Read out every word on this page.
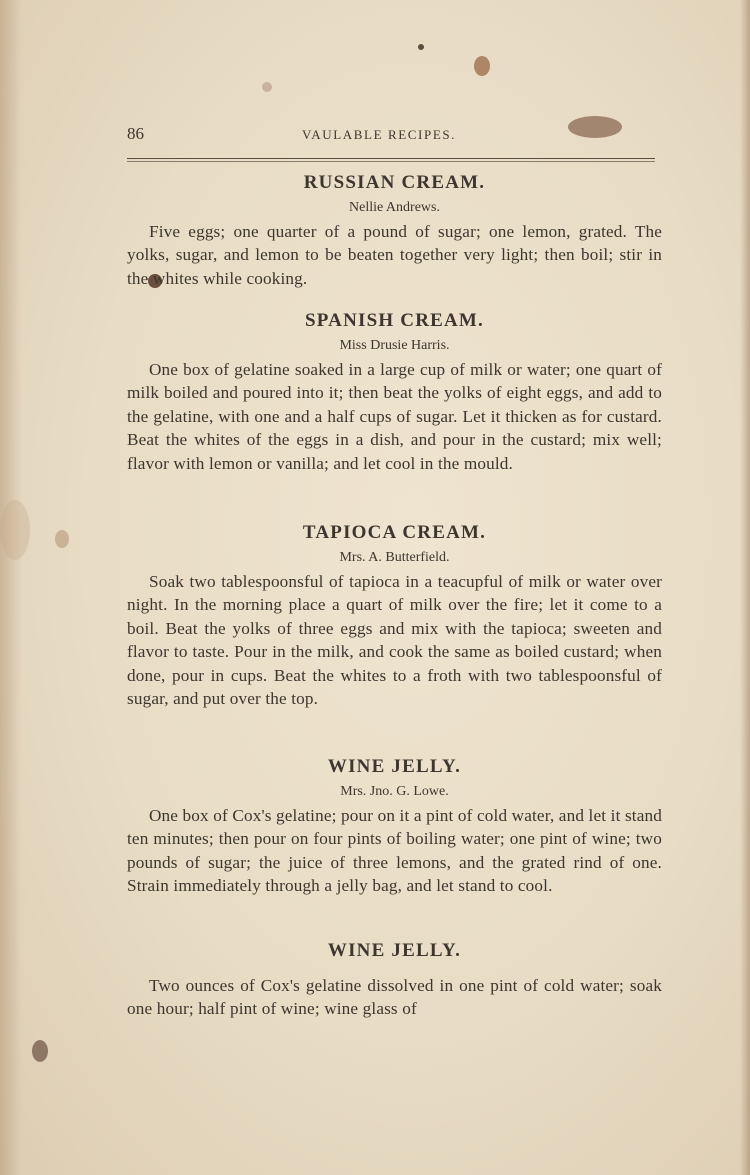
86	VAULABLE RECIPES.
RUSSIAN CREAM.

Nellie Andrews.

Five eggs; one quarter of a pound of sugar; one lemon, grated. The yolks, sugar, and lemon to be beaten together very light; then boil; stir in the whites while cooking.

SPANISH CREAM.

Miss Drusie Harris.

One box of gelatine soaked in a large cup of milk or water; one quart of milk boiled and poured into it; then beat the yolks of eight eggs, and add to the gelatine, with one and a half cups of sugar. Let it thicken as for custard. Beat the whites of the eggs in a dish, and pour in the custard; mix well; flavor with lemon or vanilla; and let cool in the mould.

TAPIOCA CREAM.

Mrs. A. Butterfield.

Soak two tablespoonsful of tapioca in a teacupful of milk or water over night. In the morning place a quart of milk over the fire; let it come to a boil. Beat the yolks of three eggs and mix with the tapioca; sweeten and flavor to taste. Pour in the milk, and cook the same as boiled custard; when done, pour in cups. Beat the whites to a froth with two tablespoonsful of sugar, and put over the top.

WINE JELLY.

Mrs. Jno. G. Lowe.

One box of Cox's gelatine; pour on it a pint of cold water, and let it stand ten minutes; then pour on four pints of boiling water; one pint of wine; two pounds of sugar; the juice of three lemons, and the grated rind of one. Strain immediately through a jelly bag, and let stand to cool.

WINE JELLY.

Two ounces of Cox's gelatine dissolved in one pint of cold water; soak one hour; half pint of wine; wine glass of
